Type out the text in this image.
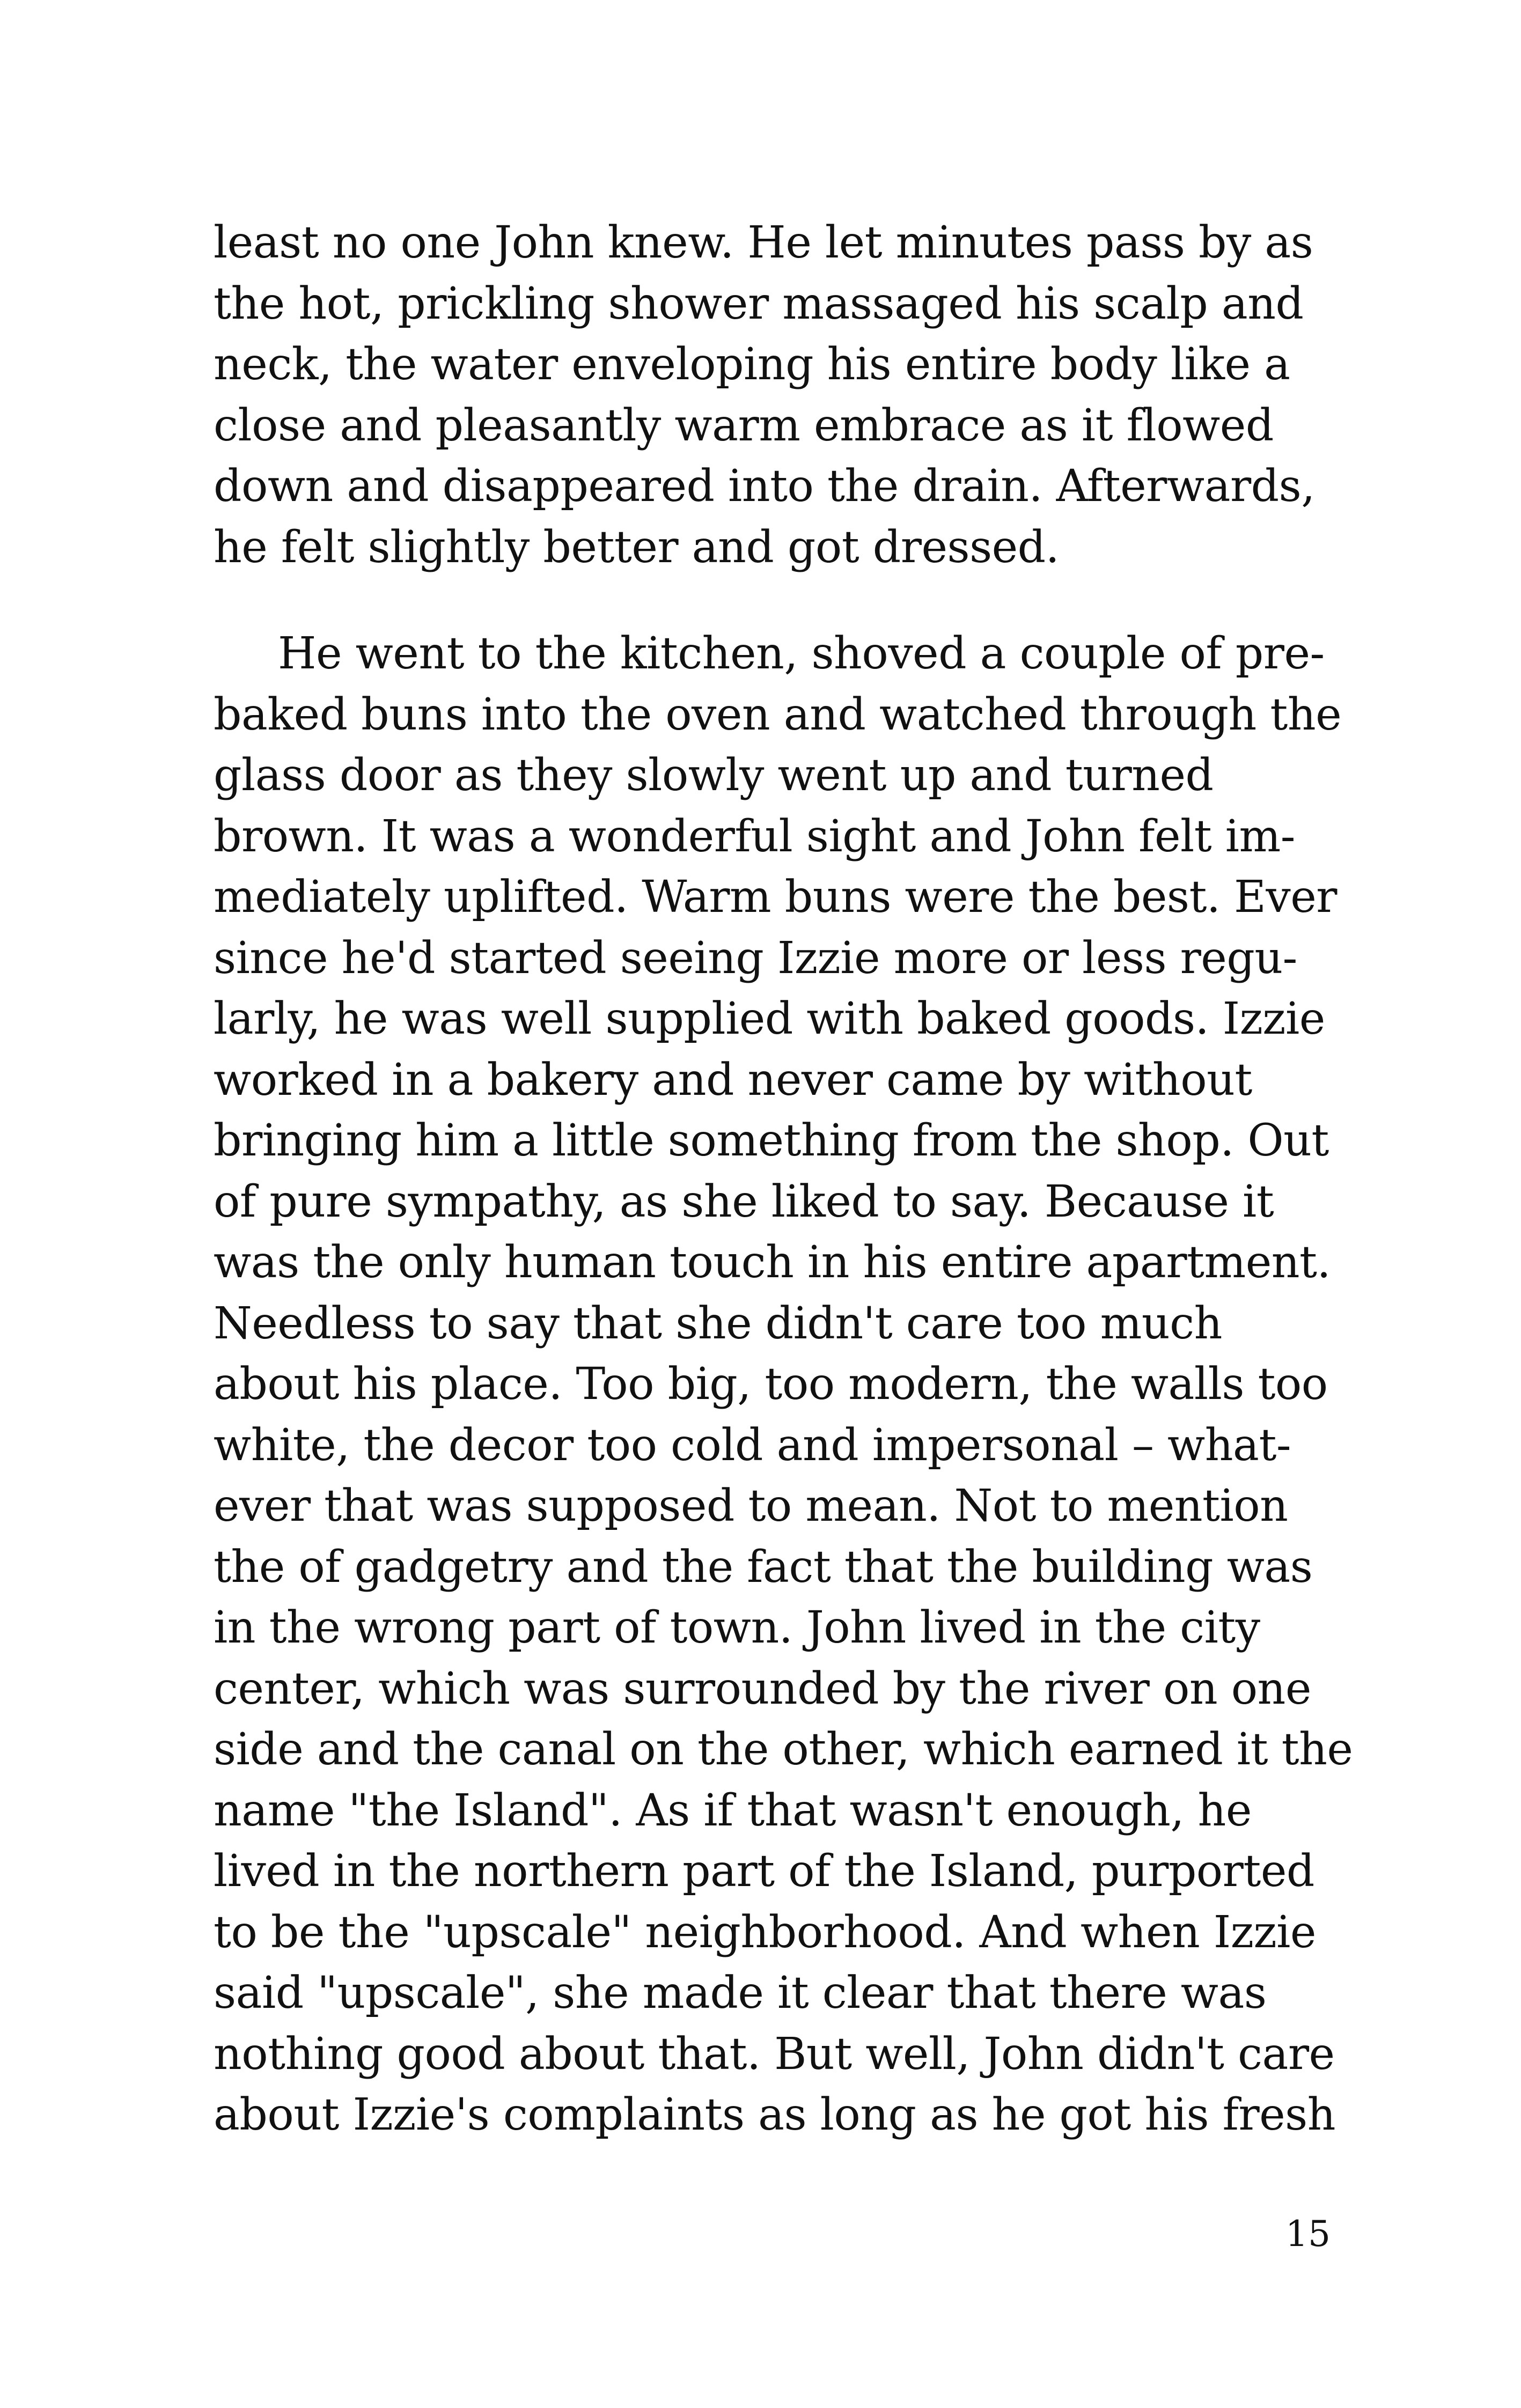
least no one John knew. He let minutes pass by as
the hot, prickling shower massaged his scalp and
neck, the water enveloping his entire body like a
close and pleasantly warm embrace as it flowed
down and disappeared into the drain. Afterwards,
he felt slightly better and got dressed.
He went to the kitchen, shoved a couple of pre-
baked buns into the oven and watched through the
glass door as they slowly went up and turned
brown. It was a wonderful sight and John felt im-
mediately uplifted. Warm buns were the best. Ever
since he'd started seeing Izzie more or less regu-
larly, he was well supplied with baked goods. Izzie
worked in a bakery and never came by without
bringing him a little something from the shop. Out
of pure sympathy, as she liked to say. Because it
was the only human touch in his entire apartment.
Needless to say that she didn't care too much
about his place. Too big, too modern, the walls too
white, the decor too cold and impersonal – what-
ever that was supposed to mean. Not to mention
the of gadgetry and the fact that the building was
in the wrong part of town. John lived in the city
center, which was surrounded by the river on one
side and the canal on the other, which earned it the
name "the Island". As if that wasn't enough, he
lived in the northern part of the Island, purported
to be the "upscale" neighborhood. And when Izzie
said "upscale", she made it clear that there was
nothing good about that. But well, John didn't care
about Izzie's complaints as long as he got his fresh
15
